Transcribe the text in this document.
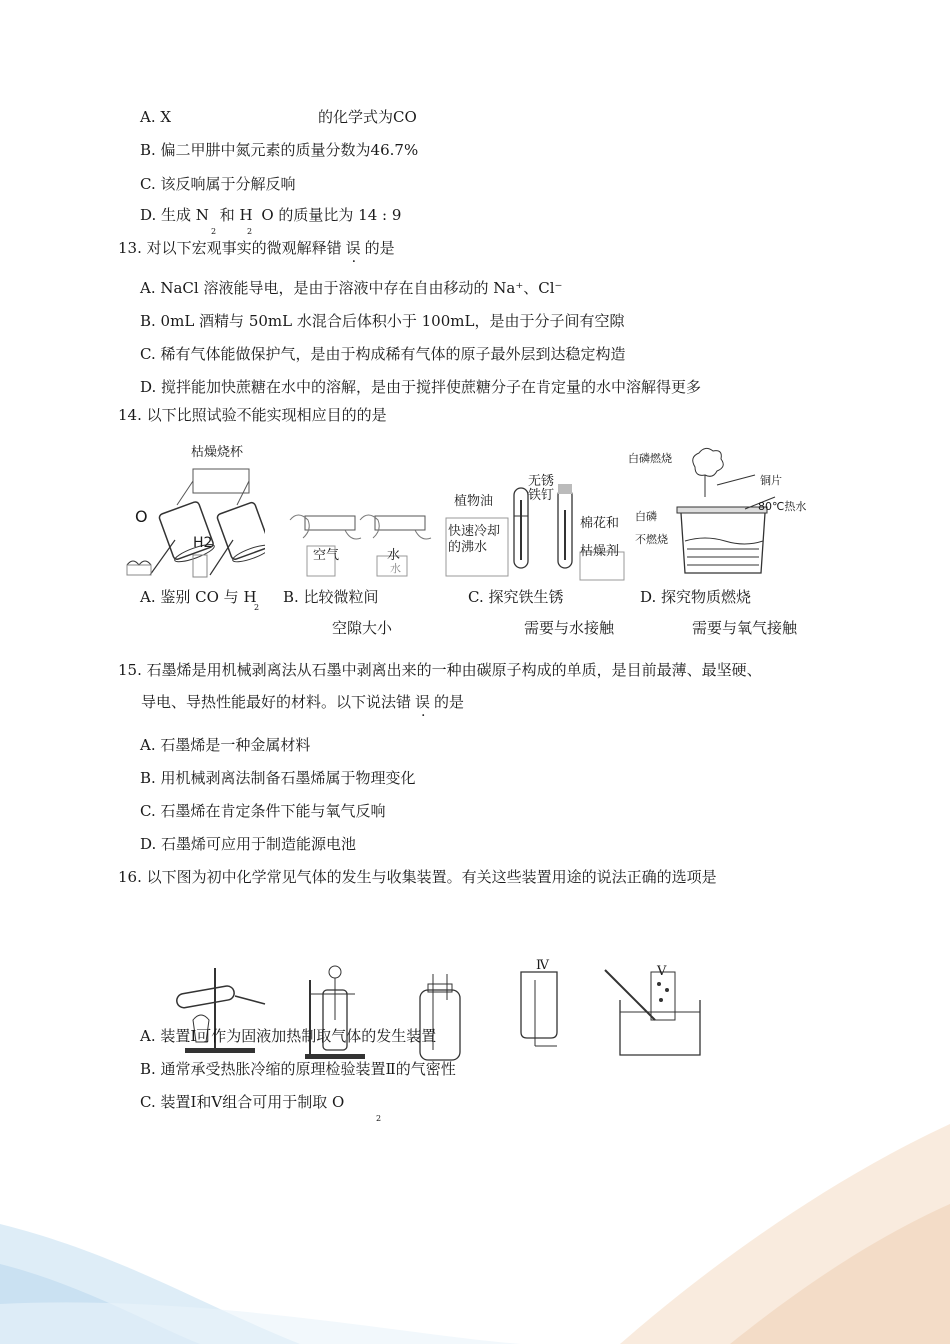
A. X	的化学式为CO
B. 偏二甲肼中氮元素的质量分数为46.7%
C. 该反响属于分解反响
D. 生成 N
2
和 H
2
O 的质量比为 14 : 9
13. 对以下宏观事实的微观解释错 误 的是
A. NaCl 溶液能导电，是由于溶液中存在自由移动的 Na⁺、Cl⁻
B. 0mL 酒精与 50mL 水混合后体积小于 100mL，是由于分子间有空隙
C. 稀有气体能做保护气，是由于构成稀有气体的原子最外层到达稳定构造
D. 搅拌能加快蔗糖在水中的溶解，是由于搅拌使蔗糖分子在肯定量的水中溶解得更多
14. 以下比照试验不能实现相应目的的是
枯燥烧杯
O
H2
空气	水
水
植物油
快速冷却
的沸水
无锈
铁钉
棉花和
枯燥剂
白磷燃烧
铜片
80℃热水
白磷
不燃烧
A. 鉴别 CO 与 H
2
B. 比较微粒间
空隙大小
C. 探究铁生锈
需要与水接触
D. 探究物质燃烧
需要与氧气接触
15. 石墨烯是用机械剥离法从石墨中剥离出来的一种由碳原子构成的单质，是目前最薄、最坚硬、
导电、导热性能最好的材料。以下说法错 误 的是
A. 石墨烯是一种金属材料
B. 用机械剥离法制备石墨烯属于物理变化
C. 石墨烯在肯定条件下能与氧气反响
D. 石墨烯可应用于制造能源电池
16. 以下图为初中化学常见气体的发生与收集装置。有关这些装置用途的说法正确的选项是
Ⅳ	Ⅴ
A. 装置Ⅰ可作为固液加热制取气体的发生装置
B. 通常承受热胀冷缩的原理检验装置Ⅱ的气密性
C. 装置Ⅰ和Ⅴ组合可用于制取 O
2
